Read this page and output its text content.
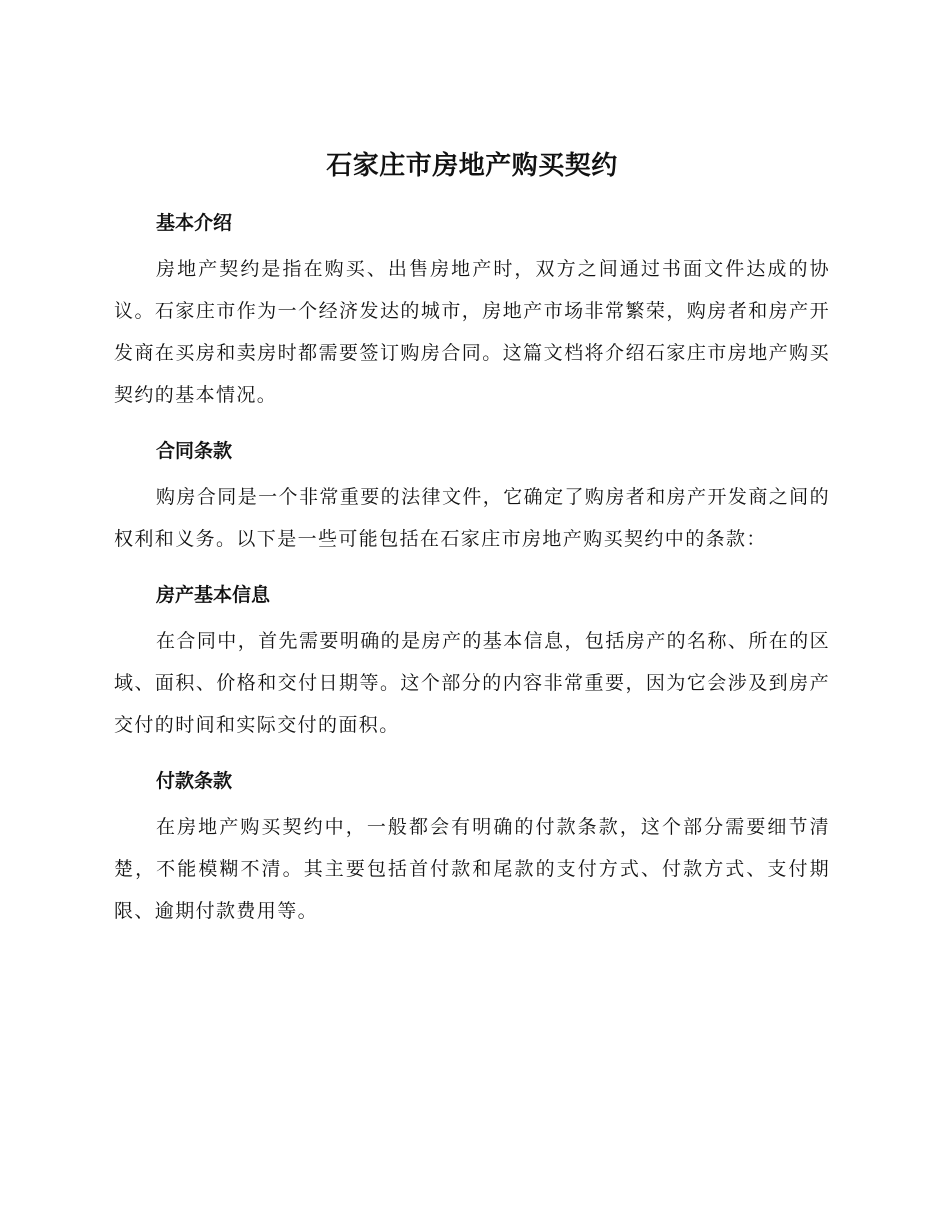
石家庄市房地产购买契约
基本介绍

房地产契约是指在购买、出售房地产时，双方之间通过书面文件达成的协议。石家庄市作为一个经济发达的城市，房地产市场非常繁荣，购房者和房产开发商在买房和卖房时都需要签订购房合同。这篇文档将介绍石家庄市房地产购买契约的基本情况。

合同条款

购房合同是一个非常重要的法律文件，它确定了购房者和房产开发商之间的权利和义务。以下是一些可能包括在石家庄市房地产购买契约中的条款：

房产基本信息

在合同中，首先需要明确的是房产的基本信息，包括房产的名称、所在的区域、面积、价格和交付日期等。这个部分的内容非常重要，因为它会涉及到房产交付的时间和实际交付的面积。

付款条款

在房地产购买契约中，一般都会有明确的付款条款，这个部分需要细节清楚，不能模糊不清。其主要包括首付款和尾款的支付方式、付款方式、支付期限、逾期付款费用等。
